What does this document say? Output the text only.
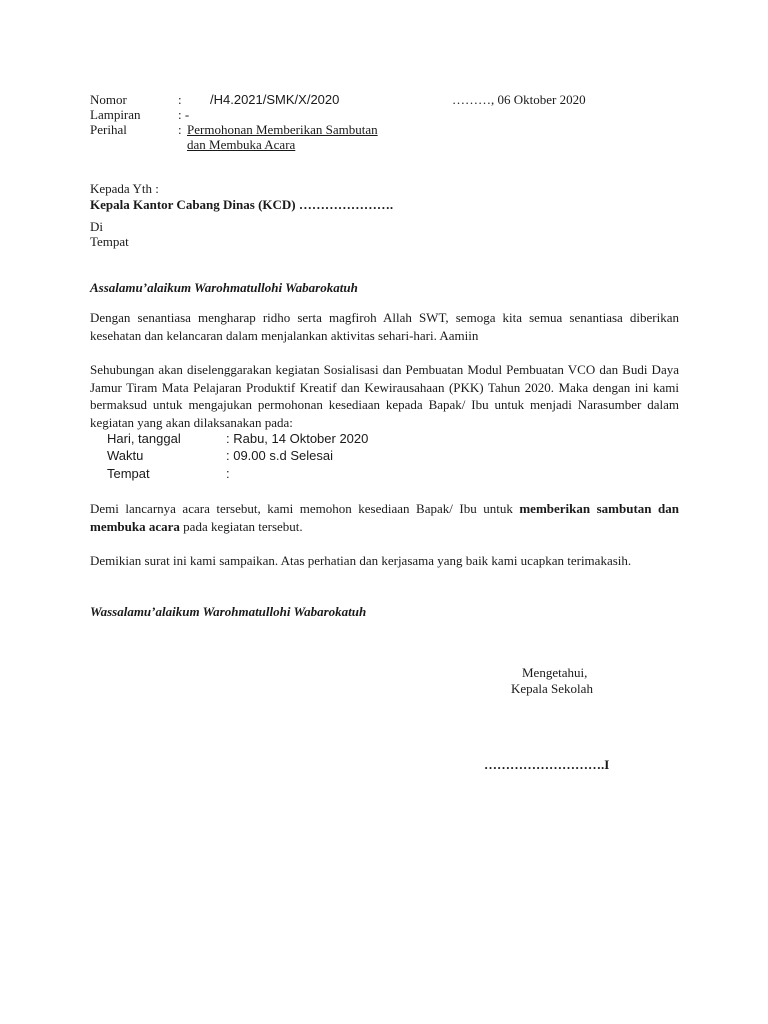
Nomor	: /H4.2021/SMK/X/2020	………, 06 Oktober 2020
Lampiran	: -
Perihal	: Permohonan Memberikan Sambutan
dan Membuka Acara
Kepada Yth :
Kepala Kantor Cabang Dinas (KCD) ………………….
Di
Tempat
Assalamu’alaikum Warohmatullohi Wabarokatuh
Dengan senantiasa mengharap ridho serta magfiroh Allah SWT, semoga kita semua senantiasa diberikan kesehatan dan kelancaran dalam menjalankan aktivitas sehari-hari. Aamiin
Sehubungan akan diselenggarakan kegiatan Sosialisasi dan Pembuatan Modul Pembuatan VCO dan Budi Daya Jamur Tiram Mata Pelajaran Produktif Kreatif dan Kewirausahaan (PKK) Tahun 2020. Maka dengan ini kami bermaksud untuk mengajukan permohonan kesediaan kepada Bapak/ Ibu untuk menjadi Narasumber dalam kegiatan yang akan dilaksanakan pada:
Hari, tanggal	: Rabu, 14 Oktober 2020
Waktu	: 09.00 s.d Selesai
Tempat	:
Demi lancarnya acara tersebut, kami memohon kesediaan Bapak/ Ibu untuk memberikan sambutan dan membuka acara pada kegiatan tersebut.
Demikian surat ini kami sampaikan. Atas perhatian dan kerjasama yang baik kami ucapkan terimakasih.
Wassalamu’alaikum Warohmatullohi Wabarokatuh
Mengetahui,
Kepala Sekolah
……………………….I
